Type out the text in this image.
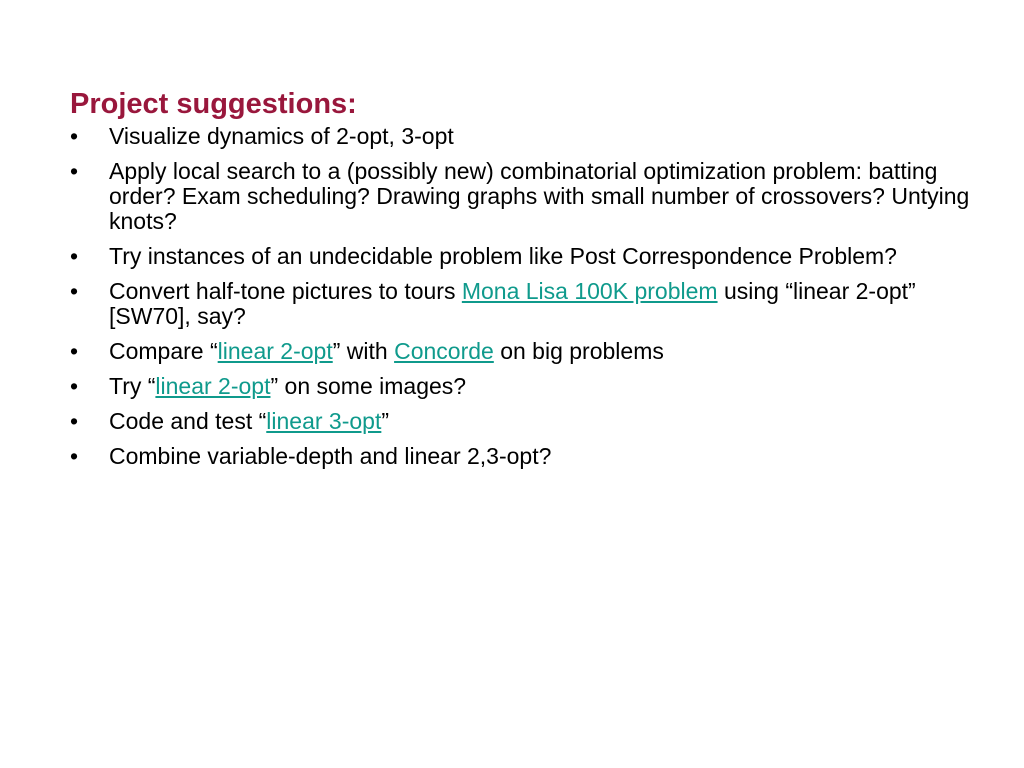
Project suggestions:
•	Visualize dynamics of 2-opt, 3-opt
•	Apply local search to a (possibly new) combinatorial optimization problem: batting order? Exam scheduling? Drawing graphs with small number of crossovers? Untying knots?
•	Try instances of an undecidable problem like Post Correspondence Problem?
•	Convert half-tone pictures to tours Mona Lisa 100K problem using “linear 2-opt” [SW70], say?
•	Compare “linear 2-opt” with Concorde on big problems
•	Try “linear 2-opt” on some images?
•	Code and test “linear 3-opt”
•	Combine variable-depth and linear 2,3-opt?
